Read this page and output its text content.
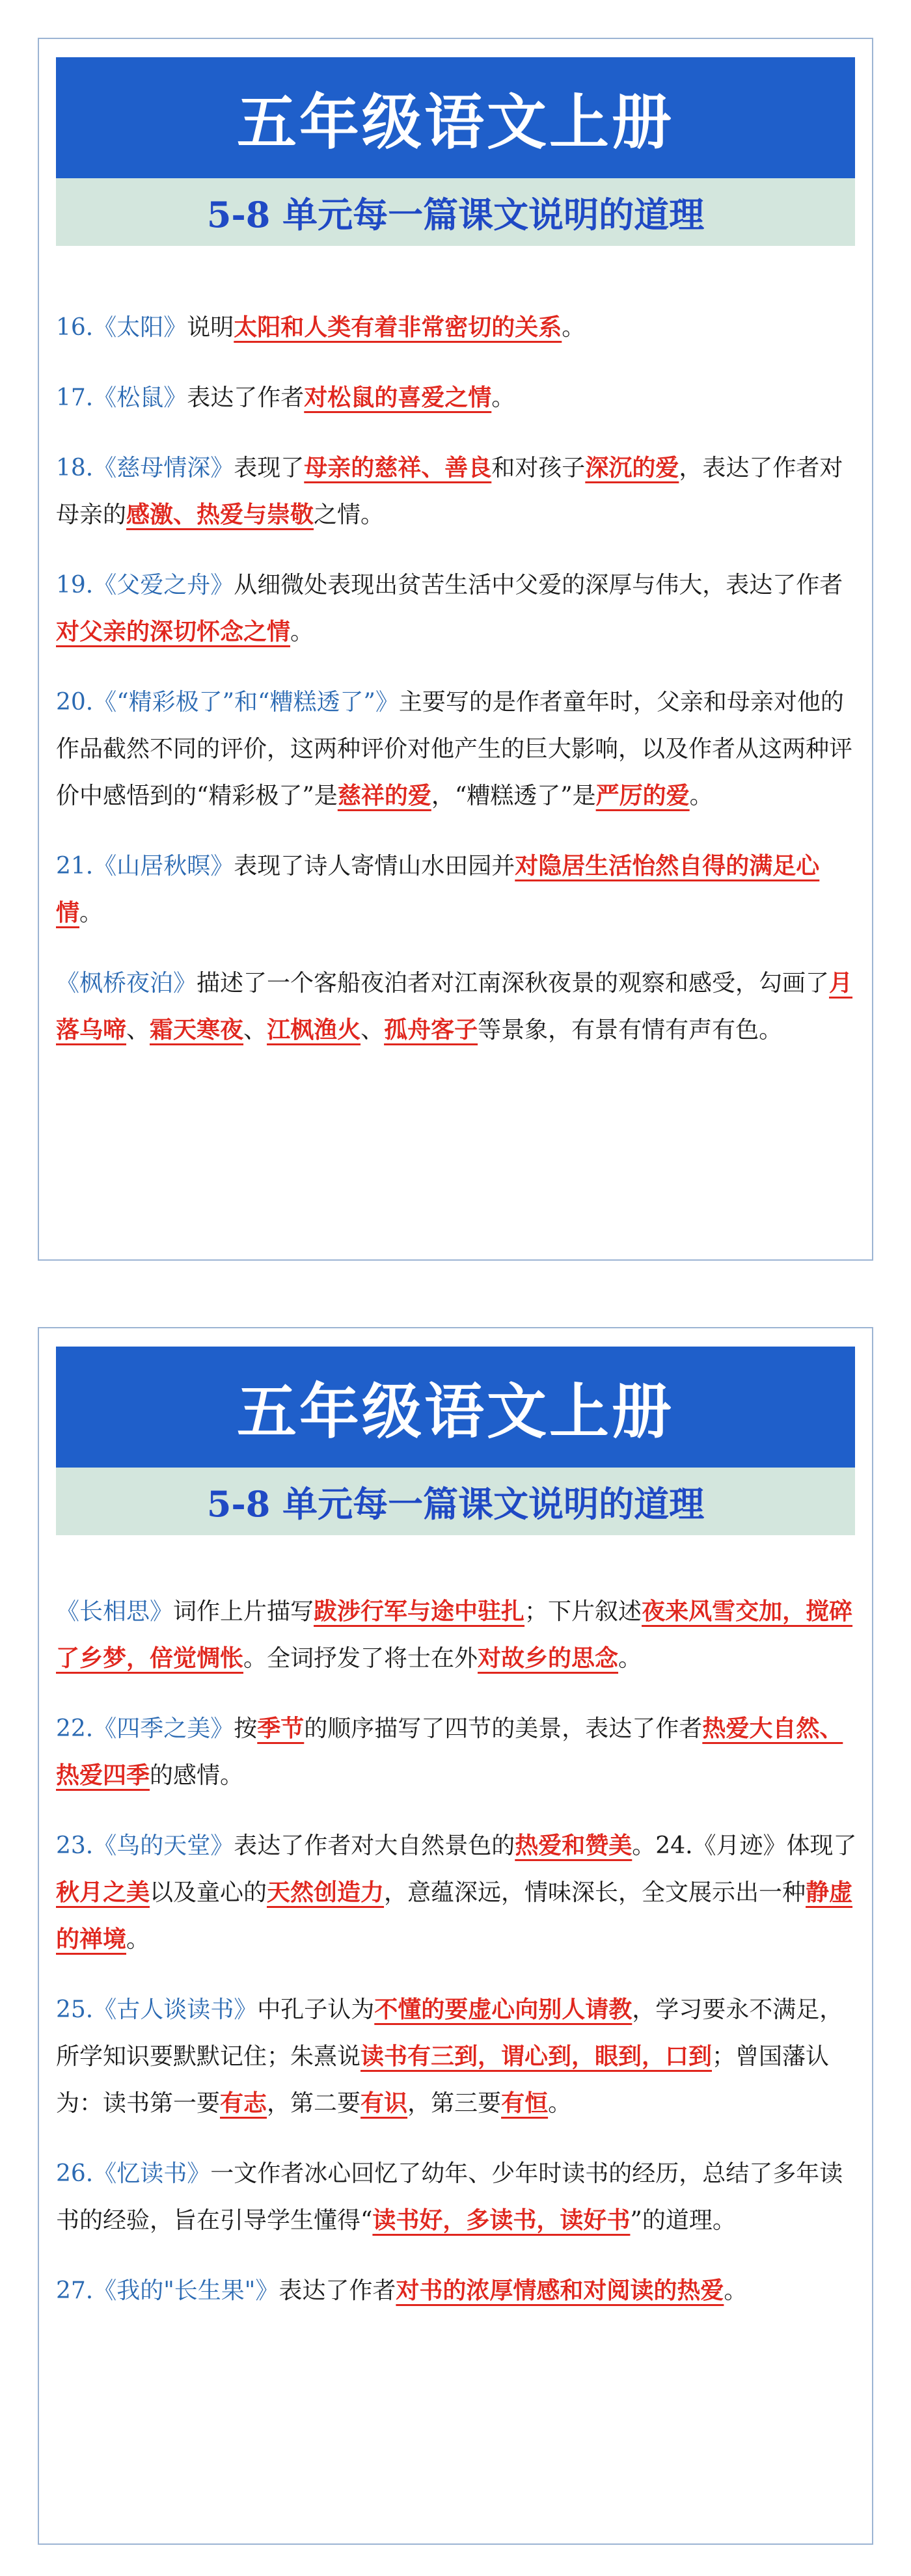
五年级语文上册
5-8 单元每一篇课文说明的道理

16.《太阳》说明太阳和人类有着非常密切的关系。

17.《松鼠》表达了作者对松鼠的喜爱之情。

18.《慈母情深》表现了母亲的慈祥、善良和对孩子深沉的爱，表达了作者对母亲的感激、热爱与崇敬之情。

19.《父爱之舟》从细微处表现出贫苦生活中父爱的深厚与伟大，表达了作者对父亲的深切怀念之情。

20.《“精彩极了”和“糟糕透了”》主要写的是作者童年时，父亲和母亲对他的作品截然不同的评价，这两种评价对他产生的巨大影响，以及作者从这两种评价中感悟到的“精彩极了”是慈祥的爱，“糟糕透了”是严厉的爱。

21.《山居秋暝》表现了诗人寄情山水田园并对隐居生活怡然自得的满足心情。

《枫桥夜泊》描述了一个客船夜泊者对江南深秋夜景的观察和感受，勾画了月落乌啼、霜天寒夜、江枫渔火、孤舟客子等景象，有景有情有声有色。

五年级语文上册
5-8 单元每一篇课文说明的道理

《长相思》词作上片描写跋涉行军与途中驻扎；下片叙述夜来风雪交加，搅碎了乡梦，倍觉惆怅。全词抒发了将士在外对故乡的思念。

22.《四季之美》按季节的顺序描写了四节的美景，表达了作者热爱大自然、热爱四季的感情。

23.《鸟的天堂》表达了作者对大自然景色的热爱和赞美。24.《月迹》体现了秋月之美以及童心的天然创造力，意蕴深远，情味深长，全文展示出一种静虚的禅境。

25.《古人谈读书》中孔子认为不懂的要虚心向别人请教，学习要永不满足，所学知识要默默记住；朱熹说读书有三到，谓心到，眼到，口到；曾国藩认为：读书第一要有志，第二要有识，第三要有恒。

26.《忆读书》一文作者冰心回忆了幼年、少年时读书的经历，总结了多年读书的经验，旨在引导学生懂得“读书好，多读书，读好书”的道理。

27.《我的"长生果"》表达了作者对书的浓厚情感和对阅读的热爱。
